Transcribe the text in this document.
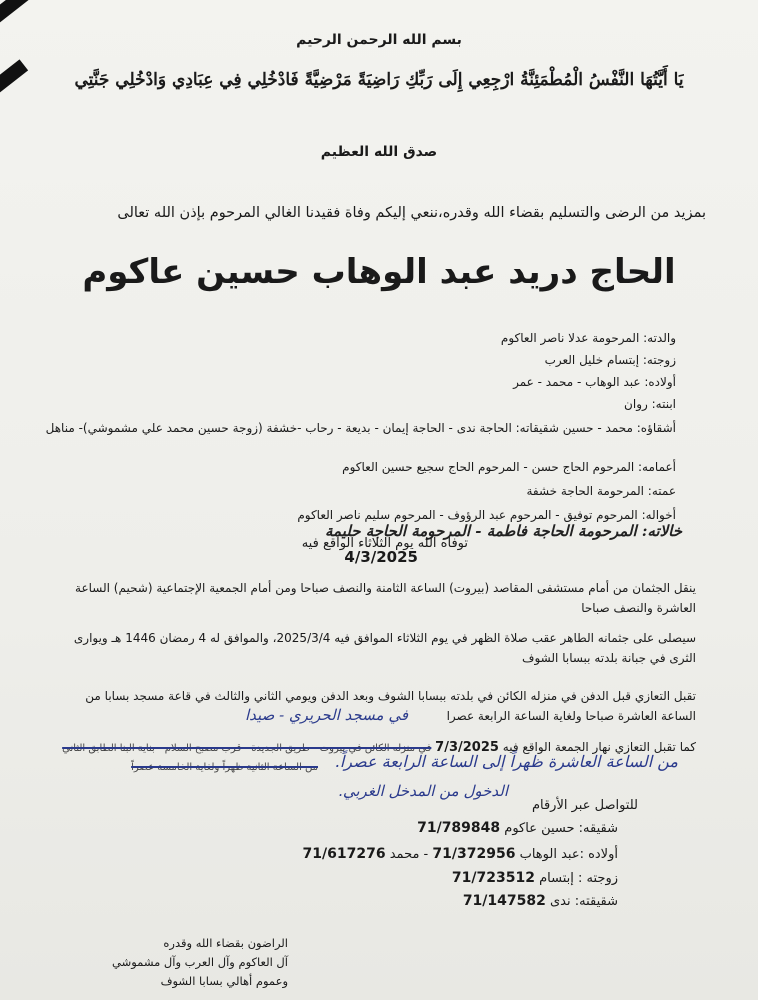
بسم الله الرحمن الرحيم
يَا أَيَّتُهَا النَّفْسُ الْمُطْمَئِنَّةُ ارْجِعِي إِلَى رَبِّكِ رَاضِيَةً مَرْضِيَّةً فَادْخُلِي فِي عِبَادِي وَادْخُلِي جَنَّتِي
صدق الله العظيم
بمزيد من الرضى والتسليم بقضاء الله وقدره،ننعي إليكم وفاة فقيدنا الغالي المرحوم بإذن الله تعالى
الحاج دريد عبد الوهاب حسين عاكوم
والدته: المرحومة عدلا ناصر العاكوم
زوجته: إبتسام خليل العرب
أولاده: عبد الوهاب - محمد - عمر
ابنته: روان
أشقاؤه: محمد - حسين شقيقاته: الحاجة ندى - الحاجة إيمان - بديعة - رحاب -خشفة (زوجة حسين محمد علي مشموشي)- مناهل
أعمامه: المرحوم الحاج حسن - المرحوم الحاج سجيع حسين العاكوم
عمته: المرحومة الحاجة خشفة
أخواله: المرحوم توفيق - المرحوم عبد الرؤوف - المرحوم سليم ناصر العاكوم
خالاته: المرحومة الحاجة فاطمة - المرحومة الحاجة حليمة
توفاه الله يوم الثلاثاء الواقع فيه
4/3/2025
ينقل الجثمان من أمام مستشفى المقاصد (بيروت) الساعة الثامنة والنصف صباحا ومن أمام الجمعية الإجتماعية (شحيم) الساعة العاشرة والنصف صباحا
سيصلى على جثمانه الطاهر عقب صلاة الظهر في يوم الثلاثاء الموافق فيه 2025/3/4، والموافق له 4 رمضان 1446 هـ ويوارى الثرى في جبانة بلدته ببسابا الشوف
تقبل التعازي قبل الدفن في منزله الكائن في بلدته ببسابا الشوف وبعد الدفن ويومي الثاني والثالث في قاعة مسجد بسابا من الساعة العاشرة صباحا ولغاية الساعة الرابعة عصرا
في مسجد الحريري - صيدا
كما تقبل التعازي نهار الجمعة الواقع فيه 7/3/2025 في منزله الكائن في بيروت - طريق الجديدة - قرب مصبح السلام - بناية البنا الطابق الثاني
من الساعة الثانية ظهراً ولغاية الخامسة عصراً من الساعة العاشرة ظهراً إلى الساعة الرابعة عصراً.
الدخول من المدخل الغربي.
للتواصل عبر الأرقام
شقيقه: حسين عاكوم 71/789848
أولاده :عبد الوهاب 71/372956 - محمد 71/617276
زوجته : إبتسام 71/723512
شقيقته: ندى 71/147582
الراضون بقضاء الله وقدره
آل العاكوم وآل العرب وآل مشموشي
وعموم أهالي بسابا الشوف
